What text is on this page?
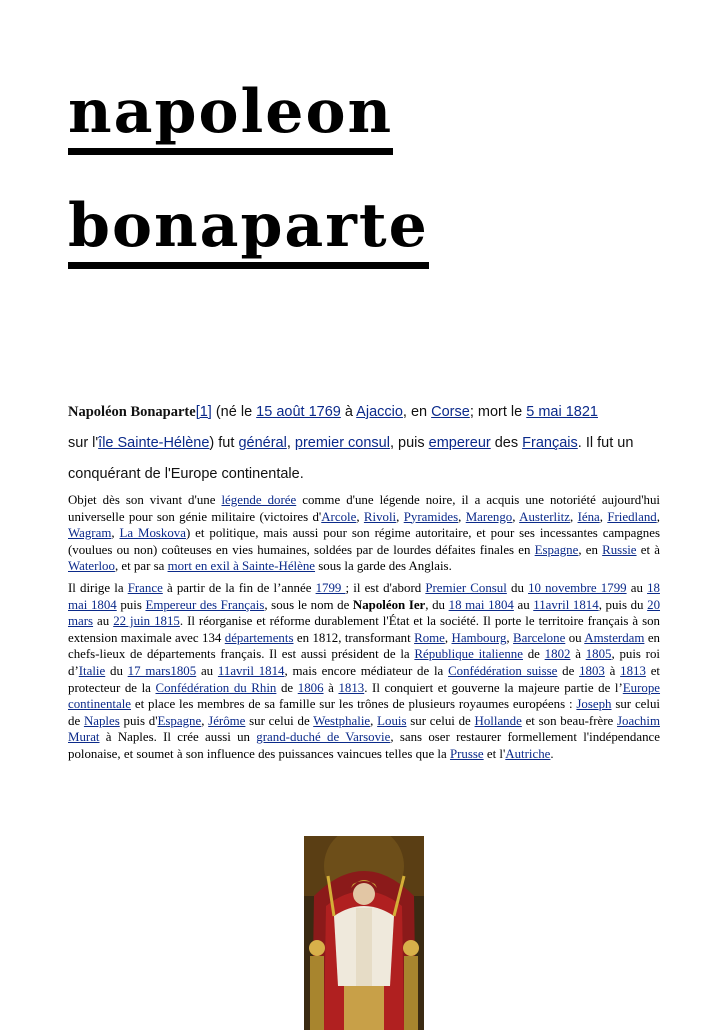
napoleon
bonaparte

Napoléon Bonaparte[1] (né le 15 août 1769 à Ajaccio, en Corse; mort le 5 mai 1821
sur l'île Sainte-Hélène) fut général, premier consul, puis empereur des Français. Il fut un conquérant de l'Europe continentale.

Objet dès son vivant d'une légende dorée comme d'une légende noire, il a acquis une notoriété aujourd'hui universelle pour son génie militaire (victoires d'Arcole, Rivoli, Pyramides, Marengo, Austerlitz, Iéna, Friedland, Wagram, La Moskova) et politique, mais aussi pour son régime autoritaire, et pour ses incessantes campagnes (voulues ou non) coûteuses en vies humaines, soldées par de lourdes défaites finales en Espagne, en Russie et à Waterloo, et par sa mort en exil à Sainte-Hélène sous la garde des Anglais.

Il dirige la France à partir de la fin de l’année 1799 ; il est d'abord Premier Consul du 10 novembre 1799 au 18 mai 1804 puis Empereur des Français, sous le nom de Napoléon Ier, du 18 mai 1804 au 11avril 1814, puis du 20 mars au 22 juin 1815. Il réorganise et réforme durablement l'État et la société. Il porte le territoire français à son extension maximale avec 134 départements en 1812, transformant Rome, Hambourg, Barcelone ou Amsterdam en chefs-lieux de départements français. Il est aussi président de la République italienne de 1802 à 1805, puis roi d’Italie du 17 mars1805 au 11avril 1814, mais encore médiateur de la Confédération suisse de 1803 à 1813 et protecteur de la Confédération du Rhin de 1806 à 1813. Il conquiert et gouverne la majeure partie de l’Europe continentale et place les membres de sa famille sur les trônes de plusieurs royaumes européens : Joseph sur celui de Naples puis d'Espagne, Jérôme sur celui de Westphalie, Louis sur celui de Hollande et son beau-frère Joachim Murat à Naples. Il crée aussi un grand-duché de Varsovie, sans oser restaurer formellement l'indépendance polonaise, et soumet à son influence des puissances vaincues telles que la Prusse et l'Autriche.
